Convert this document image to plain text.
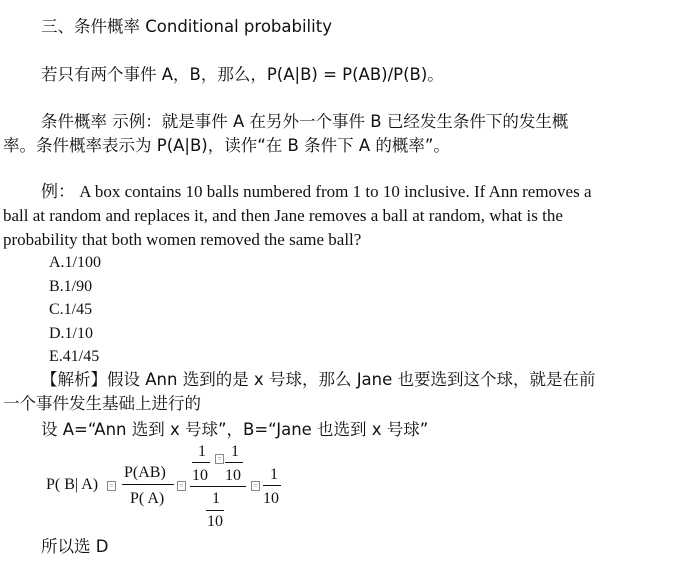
三、条件概率 Conditional probability
若只有两个事件 A，B，那么，P(A|B) = P(AB)/P(B)。
条件概率 示例：就是事件 A 在另外一个事件 B 已经发生条件下的发生概
率。条件概率表示为 P(A|B)，读作“在 B 条件下 A 的概率”。
例： A box contains 10 balls numbered from 1 to 10 inclusive. If Ann removes a
ball at random and replaces it, and then Jane removes a ball at random, what is the
probability that both women removed the same ball?
A.1/100
B.1/90
C.1/45
D.1/10
E.41/45
【解析】假设 Ann 选到的是 x 号球，那么 Jane 也要选到这个球，就是在前
一个事件发生基础上进行的
设 A=“Ann 选到 x 号球”，B=“Jane 也选到 x 号球”
P( B| A)	=
P(AB)
P( A)
=
1
10
= 1
10
1
10
=
1
10
所以选 D
